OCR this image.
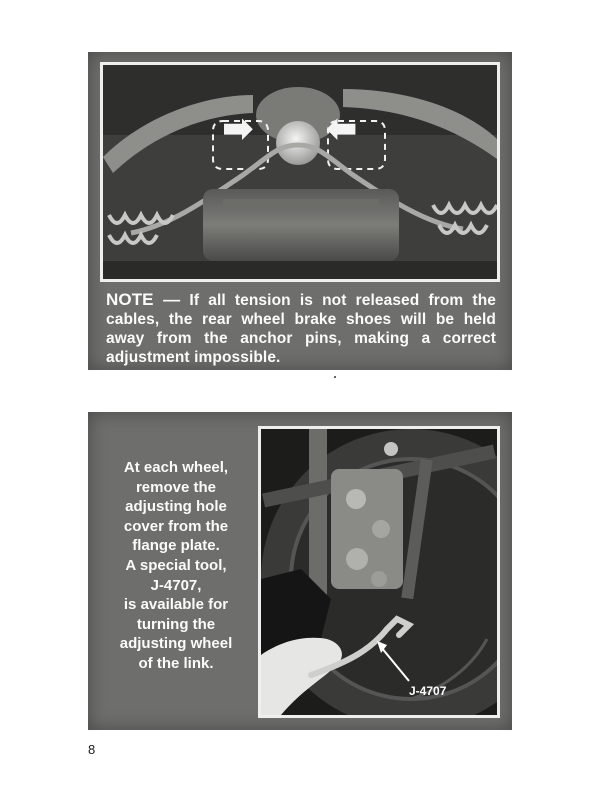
NOTE — If all tension is not released from the cables, the rear wheel brake shoes will be held away from the anchor pins, making a correct adjustment impossible.
At each wheel,
remove the
adjusting hole
cover from the
flange plate.
A special tool,
J-4707,
is available for
turning the
adjusting wheel
of the link.
J-4707
8
